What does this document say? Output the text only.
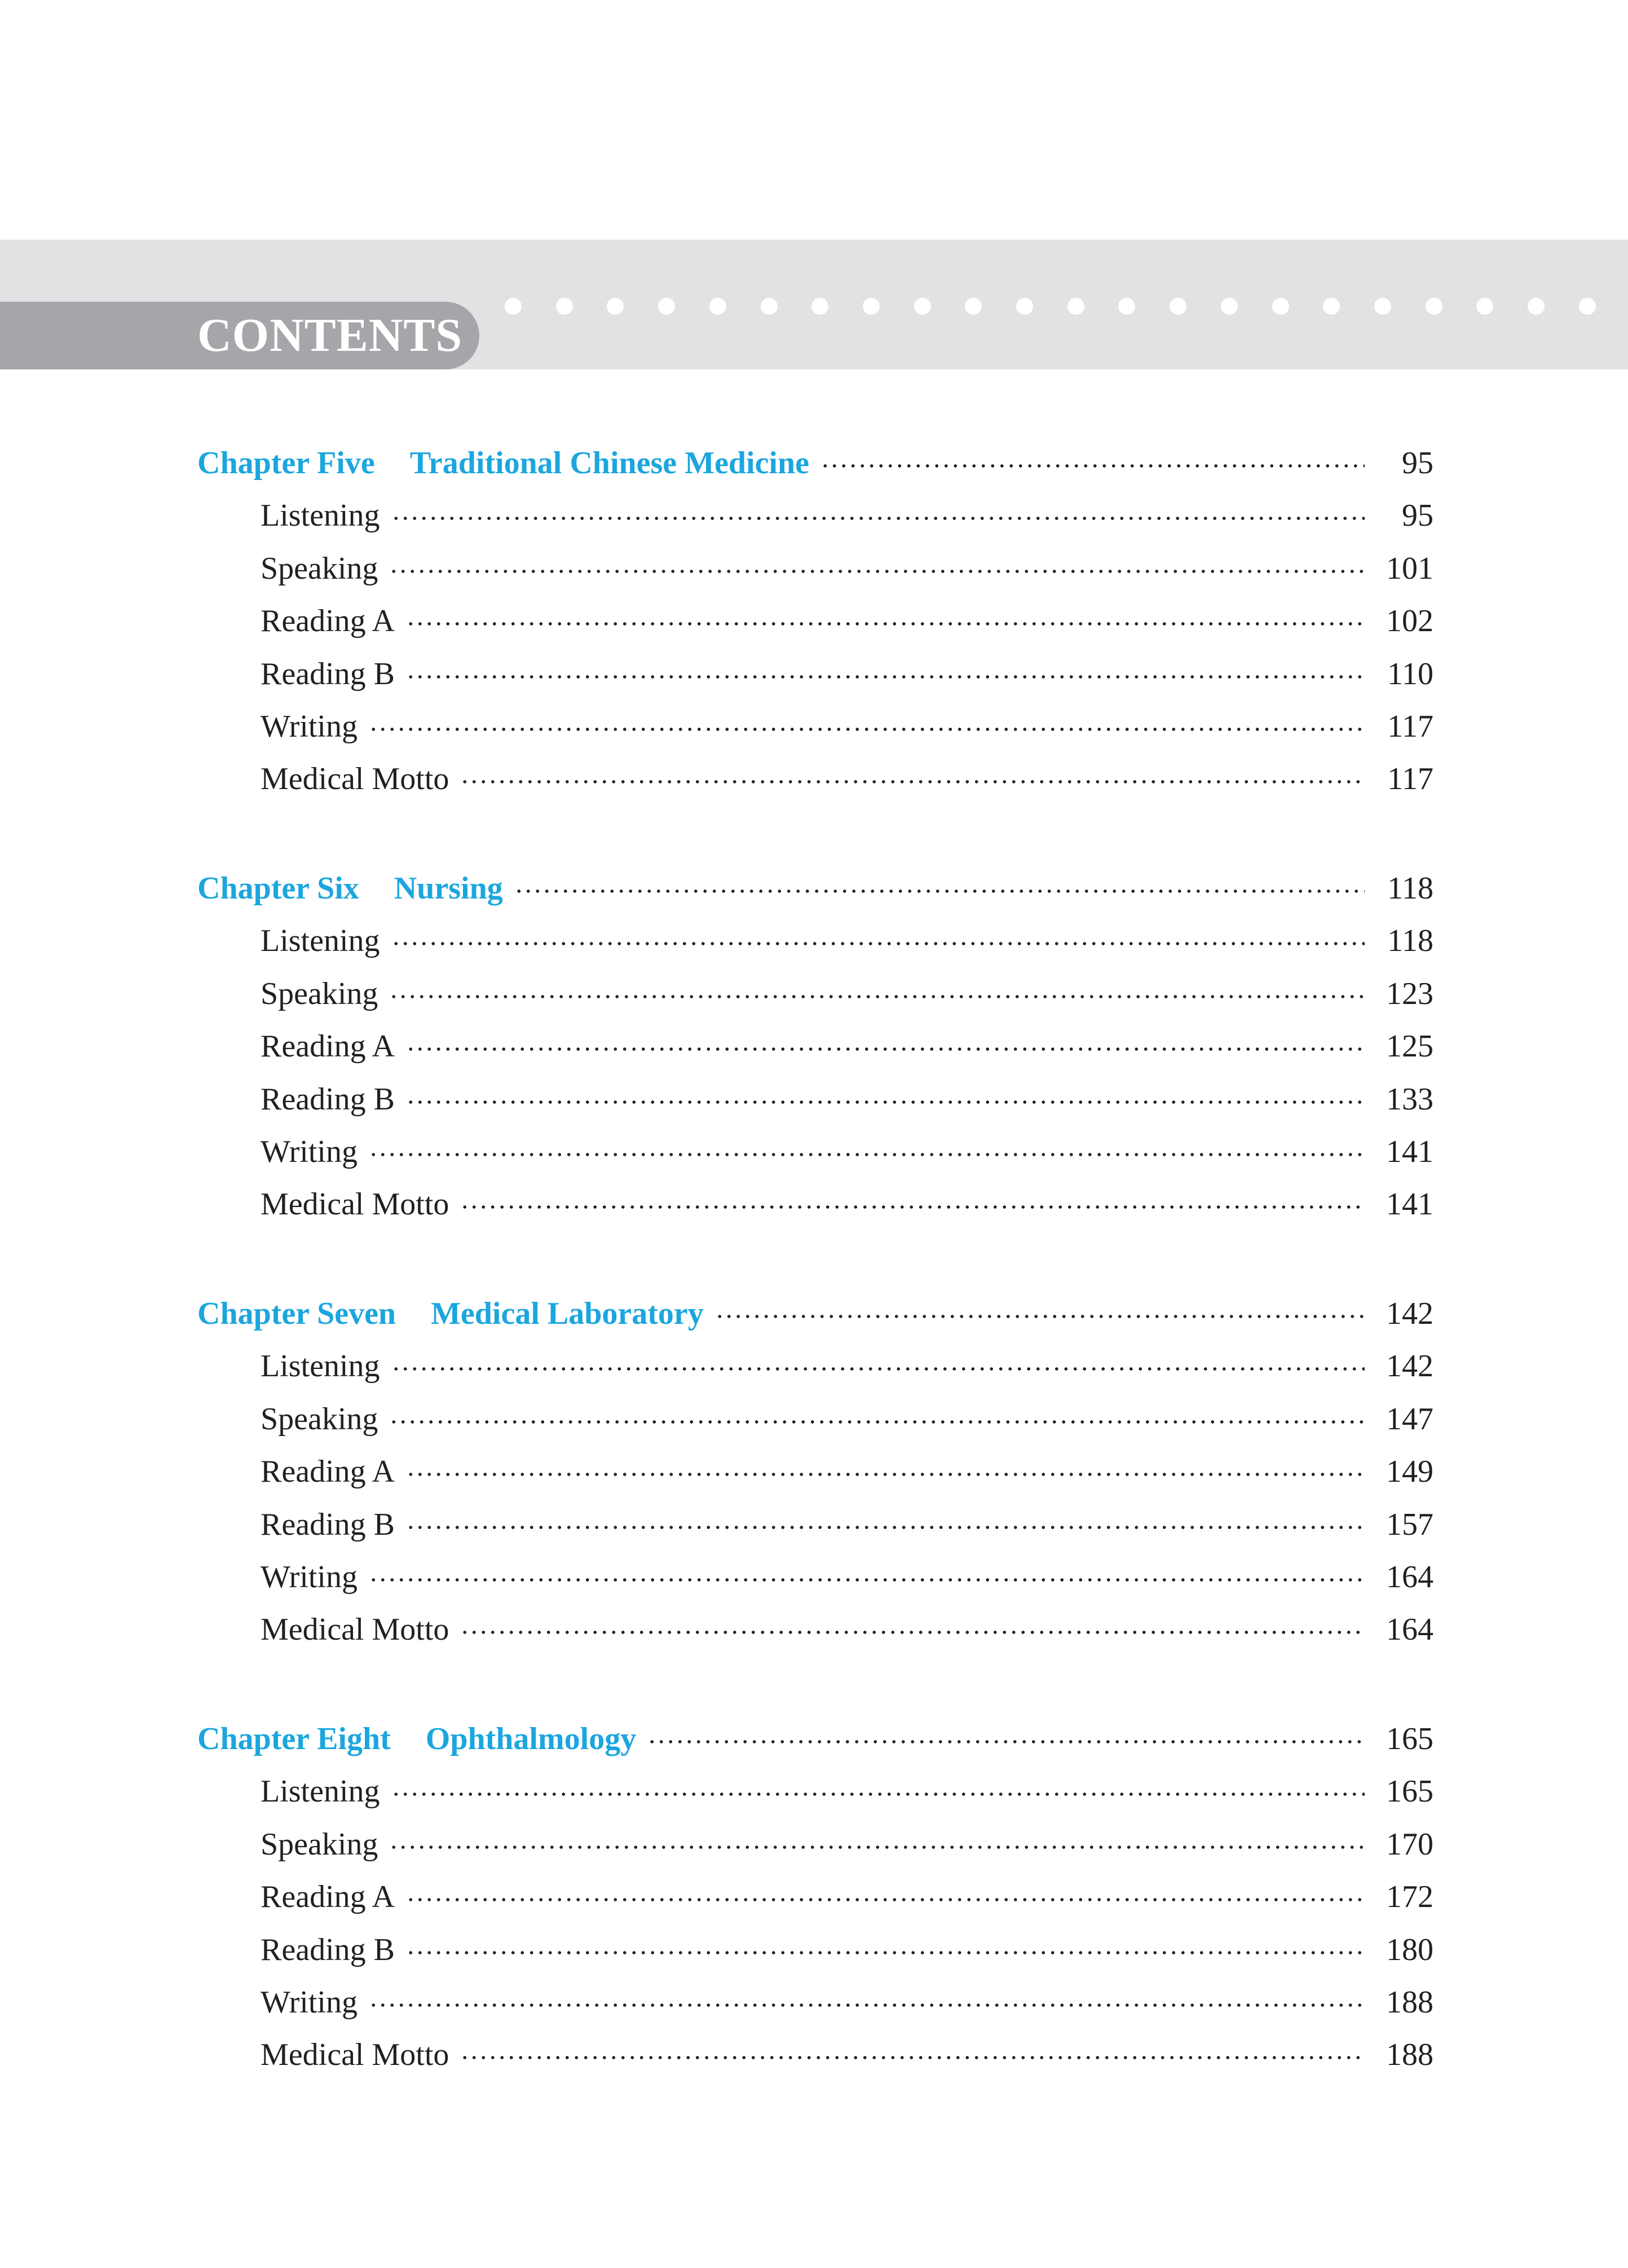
CONTENTS
Chapter Five Traditional Chinese Medicine	95
Listening	95
Speaking	101
Reading A	102
Reading B	110
Writing	117
Medical Motto	117
Chapter Six Nursing	118
Listening	118
Speaking	123
Reading A	125
Reading B	133
Writing	141
Medical Motto	141
Chapter Seven Medical Laboratory	142
Listening	142
Speaking	147
Reading A	149
Reading B	157
Writing	164
Medical Motto	164
Chapter Eight Ophthalmology	165
Listening	165
Speaking	170
Reading A	172
Reading B	180
Writing	188
Medical Motto	188
